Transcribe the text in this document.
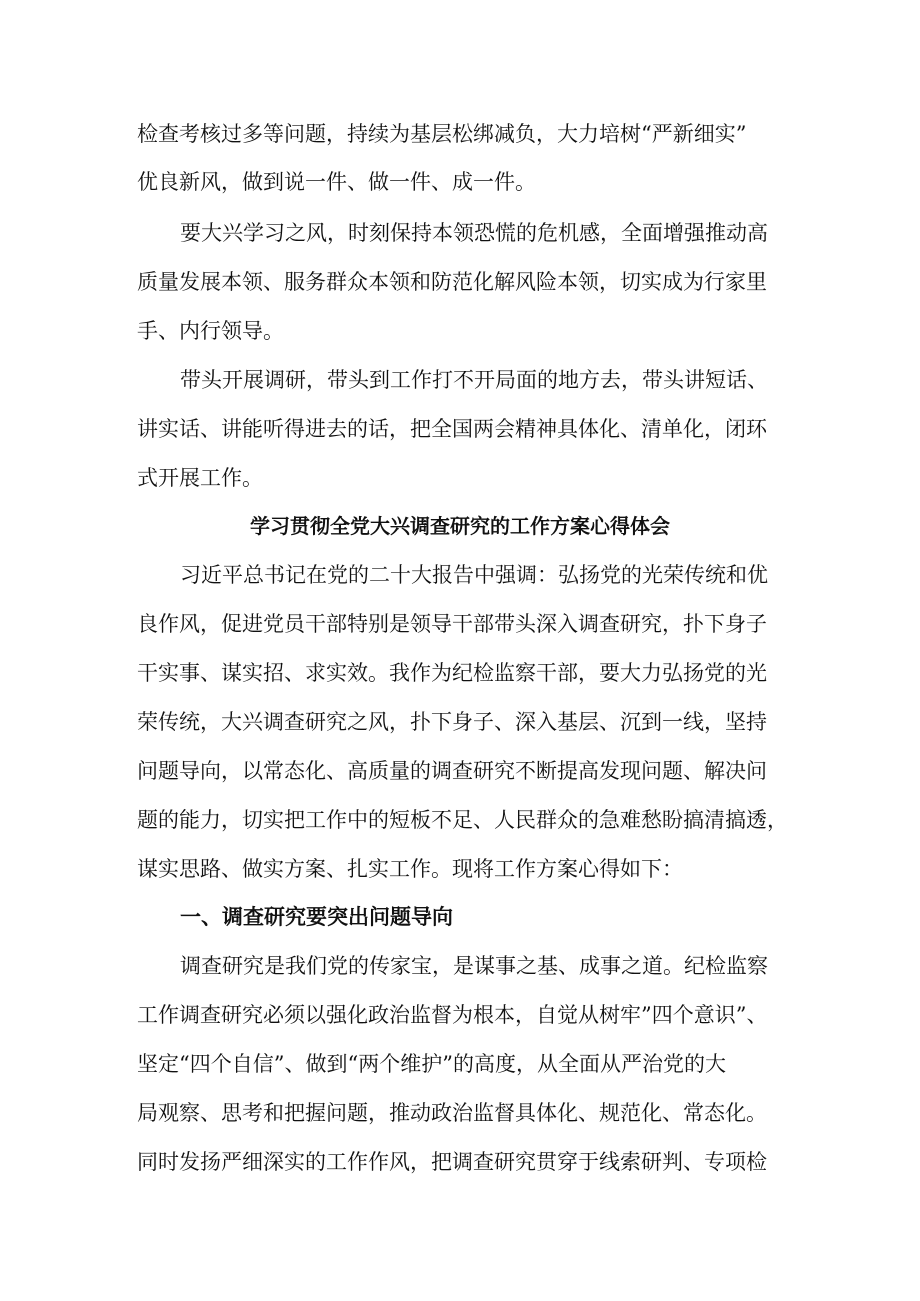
检查考核过多等问题，持续为基层松绑减负，大力培树“严新细实”
优良新风，做到说一件、做一件、成一件。
要大兴学习之风，时刻保持本领恐慌的危机感，全面增强推动高
质量发展本领、服务群众本领和防范化解风险本领，切实成为行家里
手、内行领导。
带头开展调研，带头到工作打不开局面的地方去，带头讲短话、
讲实话、讲能听得进去的话，把全国两会精神具体化、清单化，闭环
式开展工作。
学习贯彻全党大兴调查研究的工作方案心得体会
习近平总书记在党的二十大报告中强调：弘扬党的光荣传统和优
良作风，促进党员干部特别是领导干部带头深入调查研究，扑下身子
干实事、谋实招、求实效。我作为纪检监察干部，要大力弘扬党的光
荣传统，大兴调查研究之风，扑下身子、深入基层、沉到一线，坚持
问题导向，以常态化、高质量的调查研究不断提高发现问题、解决问
题的能力，切实把工作中的短板不足、人民群众的急难愁盼搞清搞透，
谋实思路、做实方案、扎实工作。现将工作方案心得如下：
一、调查研究要突出问题导向
调查研究是我们党的传家宝，是谋事之基、成事之道。纪检监察
工作调查研究必须以强化政治监督为根本，自觉从树牢”四个意识”、
坚定“四个自信”、做到“两个维护”的高度，从全面从严治党的大
局观察、思考和把握问题，推动政治监督具体化、规范化、常态化。
同时发扬严细深实的工作作风，把调查研究贯穿于线索研判、专项检
